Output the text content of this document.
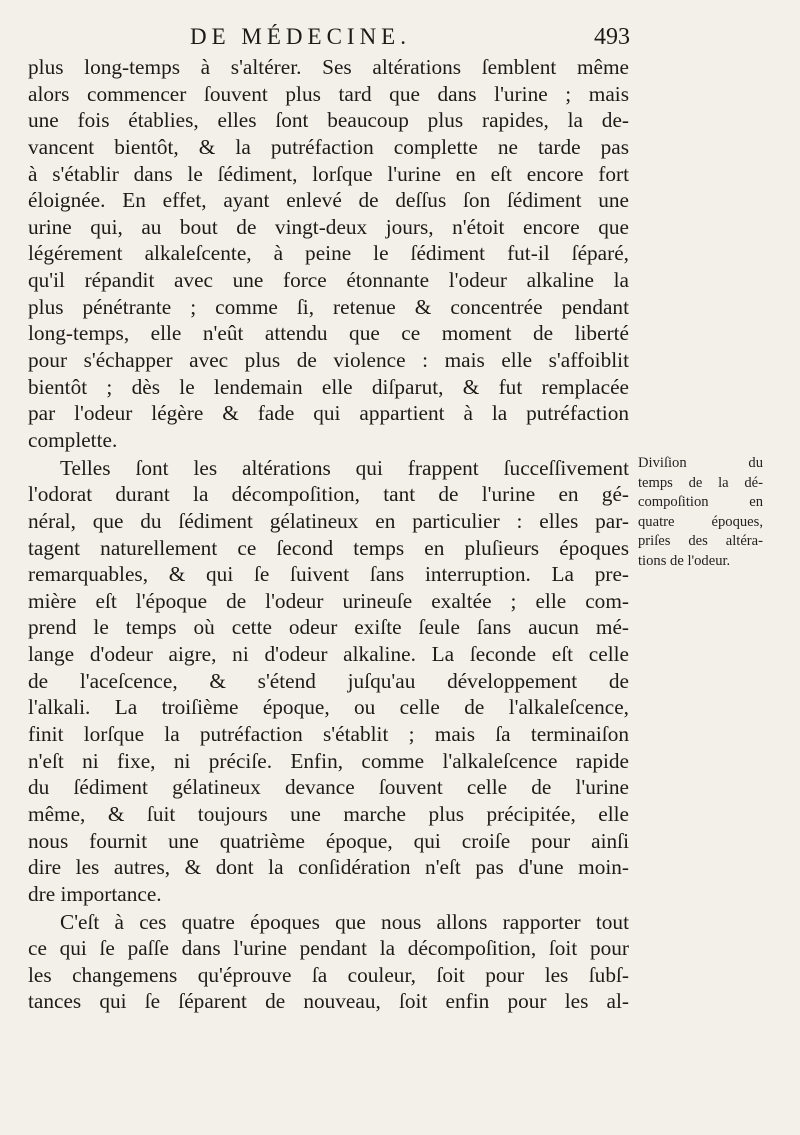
DE MÉDECINE.	493
plus long-temps à s'altérer. Ses altérations ſemblent même
alors commencer ſouvent plus tard que dans l'urine ; mais
une fois établies, elles ſont beaucoup plus rapides, la de-
vancent bientôt, & la putréfaction complette ne tarde pas
à s'établir dans le ſédiment, lorſque l'urine en eſt encore fort
éloignée. En effet, ayant enlevé de deſſus ſon ſédiment une
urine qui, au bout de vingt-deux jours, n'étoit encore que
légérement alkaleſcente, à peine le ſédiment fut-il ſéparé,
qu'il répandit avec une force étonnante l'odeur alkaline la
plus pénétrante ; comme ſi, retenue & concentrée pendant
long-temps, elle n'eût attendu que ce moment de liberté
pour s'échapper avec plus de violence : mais elle s'affoiblit
bientôt ; dès le lendemain elle diſparut, & fut remplacée
par l'odeur légère & fade qui appartient à la putréfaction
complette.
Telles ſont les altérations qui frappent ſucceſſivement
l'odorat durant la décompoſition, tant de l'urine en gé-
néral, que du ſédiment gélatineux en particulier : elles par-
tagent naturellement ce ſecond temps en pluſieurs époques
remarquables, & qui ſe ſuivent ſans interruption. La pre-
mière eſt l'époque de l'odeur urineuſe exaltée ; elle com-
prend le temps où cette odeur exiſte ſeule ſans aucun mé-
lange d'odeur aigre, ni d'odeur alkaline. La ſeconde eſt celle
de l'aceſcence, & s'étend juſqu'au développement de
l'alkali. La troiſième époque, ou celle de l'alkaleſcence,
finit lorſque la putréfaction s'établit ; mais ſa terminaiſon
n'eſt ni fixe, ni préciſe. Enfin, comme l'alkaleſcence rapide
du ſédiment gélatineux devance ſouvent celle de l'urine
même, & ſuit toujours une marche plus précipitée, elle
nous fournit une quatrième époque, qui croiſe pour ainſi
dire les autres, & dont la conſidération n'eſt pas d'une moin-
dre importance.
C'eſt à ces quatre époques que nous allons rapporter tout
ce qui ſe paſſe dans l'urine pendant la décompoſition, ſoit pour
les changemens qu'éprouve ſa couleur, ſoit pour les ſubſ-
tances qui ſe ſéparent de nouveau, ſoit enfin pour les al-
Diviſion du
temps de la dé-
compoſition en
quatre époques,
priſes des altéra-
tions de l'odeur.
